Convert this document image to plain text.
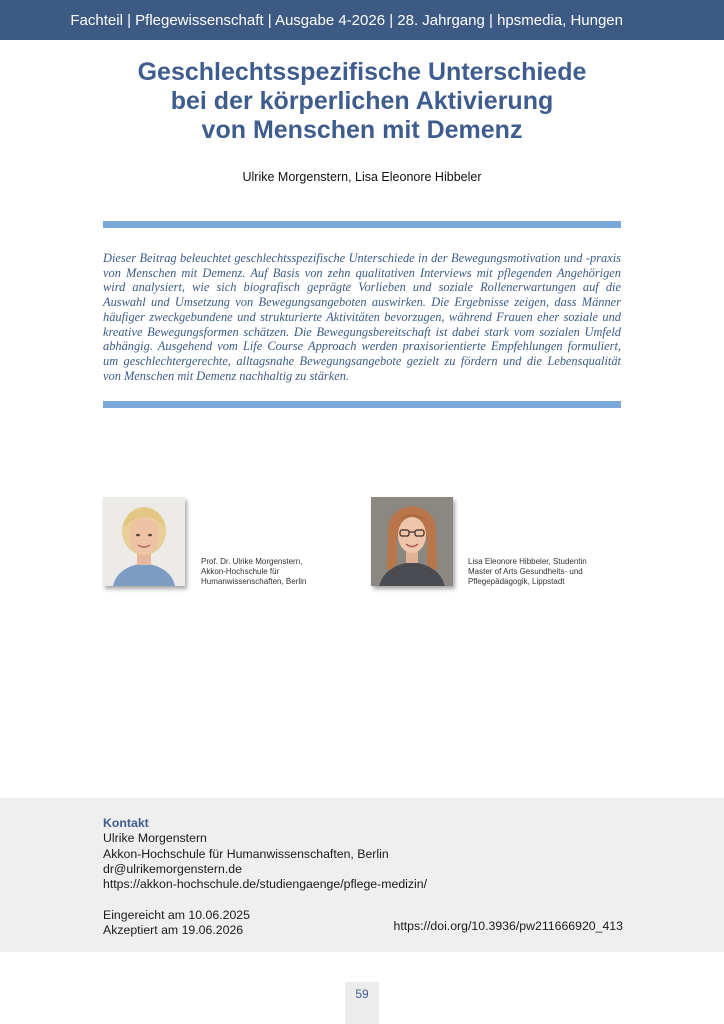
Fachteil | Pflegewissenschaft | Ausgabe 4-2026 | 28. Jahrgang | hpsmedia, Hungen
Geschlechtsspezifische Unterschiede
bei der körperlichen Aktivierung
von Menschen mit Demenz
Ulrike Morgenstern, Lisa Eleonore Hibbeler

Dieser Beitrag beleuchtet geschlechtsspezifische Unterschiede in der Bewegungsmotivation und -praxis von Menschen mit Demenz. Auf Basis von zehn qualitativen Interviews mit pflegenden Angehörigen wird analysiert, wie sich biografisch geprägte Vorlieben und soziale Rollenerwartungen auf die Auswahl und Umsetzung von Bewegungsangeboten auswirken. Die Ergebnisse zeigen, dass Männer häufiger zweckgebundene und strukturierte Aktivitäten bevorzugen, während Frauen eher soziale und kreative Bewegungsformen schätzen. Die Bewegungsbereitschaft ist dabei stark vom sozialen Umfeld abhängig. Ausgehend vom Life Course Approach werden praxisorientierte Empfehlungen formuliert, um geschlechtergerechte, alltagsnahe Bewegungsangebote gezielt zu fördern und die Lebensqualität von Menschen mit Demenz nachhaltig zu stärken.

Prof. Dr. Ulrike Morgenstern,
Akkon-Hochschule für
Humanwissenschaften, Berlin
Lisa Eleonore Hibbeler, Studentin
Master of Arts Gesundheits- und
Pflegepädagogik, Lippstadt
Kontakt
Ulrike Morgenstern
Akkon-Hochschule für Humanwissenschaften, Berlin
dr@ulrikemorgenstern.de
https://akkon-hochschule.de/studiengaenge/pflege-medizin/
Eingereicht am 10.06.2025
Akzeptiert am 19.06.2026	https://doi.org/10.3936/pw211666920_413
59
